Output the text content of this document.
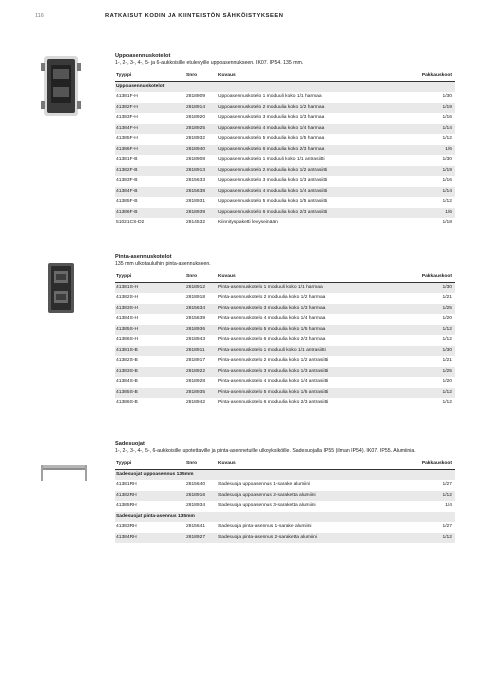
116	RATKAISUT KODIN JA KIINTEISTÖN SÄHKÖISTYKSEEN
Uppoasennuskotelot
1-, 2-, 3-, 4-, 5- ja 6-aukkoisille etulevyille uppoasennukseen. IK07. IP54. 135 mm.
Tyyppi	Snro	Kuvaus	Pakkauskoot
Uppoasennuskotelot			
41381F-H	2818909	Uppoasennuskotelo 1 moduuli koko 1/1 harmaa	1/30
41382F-H	2818914	Uppoasennuskotelo 2 moduulia koko 1/2 harmaa	1/19
41383F-H	2818920	Uppoasennuskotelo 3 moduulia koko 1/3 harmaa	1/16
41384F-H	2818925	Uppoasennuskotelo 4 moduulia koko 1/4 harmaa	1/14
41385F-H	2818932	Uppoasennuskotelo 5 moduulia koko 1/5 harmaa	1/12
41386F-H	2818940	Uppoasennuskotelo 6 moduulia koko 2/3 harmaa	1/6
41381F-B	2818908	Uppoasennuskotelo 1 moduuli koko 1/1 antrasiitti	1/30
41382F-B	2818913	Uppoasennuskotelo 2 moduulia koko 1/2 antrasiitti	1/19
41383F-B	2815633	Uppoasennuskotelo 3 moduulia koko 1/3 antrasiitti	1/16
41384F-B	2815638	Uppoasennuskotelo 4 moduulia koko 1/4 antrasiitti	1/14
41385F-B	2818931	Uppoasennuskotelo 5 moduulia koko 1/5 antrasiitti	1/12
41386F-B	2818939	Uppoasennuskotelo 6 moduulia koko 2/3 antrasiitti	1/6
51021CS-D2	2814532	Kiinnityspaketti levyseinään	1/18
Pinta-asennuskotelot
135 mm ulkotauluihin pinta-asennukseen.
Tyyppi	Snro	Kuvaus	Pakkauskoot
41381S-H	2818912	Pinta-asennuskotelo 1 moduuli koko 1/1 harmaa	1/30
41382S-H	2818918	Pinta-asennuskotelo 2 moduulia koko 1/2 harmaa	1/21
41383S-H	2815634	Pinta-asennuskotelo 3 moduulia koko 1/3 harmaa	1/25
41384S-H	2815639	Pinta-asennuskotelo 4 moduulia koko 1/4 harmaa	1/20
41385S-H	2818936	Pinta-asennuskotelo 5 moduulia koko 1/5 harmaa	1/12
41386S-H	2818943	Pinta-asennuskotelo 6 moduulia koko 2/3 harmaa	1/12
41381S-B	2818911	Pinta-asennuskotelo 1 moduuli koko 1/1 antrasiitti	1/30
41382S-B	2818917	Pinta-asennuskotelo 2 moduulia koko 1/2 antrasiitti	1/21
41383S-B	2818922	Pinta-asennuskotelo 3 moduulia koko 1/3 antrasiitti	1/25
41384S-B	2818928	Pinta-asennuskotelo 4 moduulia koko 1/4 antrasiitti	1/20
41385S-B	2818935	Pinta-asennuskotelo 5 moduulia koko 1/5 antrasiitti	1/12
41386S-B	2818942	Pinta-asennuskotelo 6 moduulia koko 2/3 antrasiitti	1/12
Sadesuojat
1-, 2-, 3-, 4-, 5-, 6-aukkoisille upotettaville ja pinta-asennetuille ulkoyksiköille. Sadesuojalla IP55 (ilman IP54). IK07. IP55. Alumiinia.
Tyyppi	Snro	Kuvaus	Pakkauskoot
Sadesuojat uppoasennus 135mm			
41381RH	2815640	Sadesuoja uppoasennus 1-sarake alumiini	1/27
41382RH	2818916	Sadesuoja uppoasennus 2-saraketta alumiini	1/12
41385RH	2818934	Sadesuoja uppoasennus 3-saraketta alumiini	1/4
Sadesuojat pinta-asennus 135mm			
41383RH	2815641	Sadesuoja pinta-asennus 1-sarake alumiini	1/27
41384RH	2818927	Sadesuoja pinta-asennus 2-saraketta alumiini	1/12
